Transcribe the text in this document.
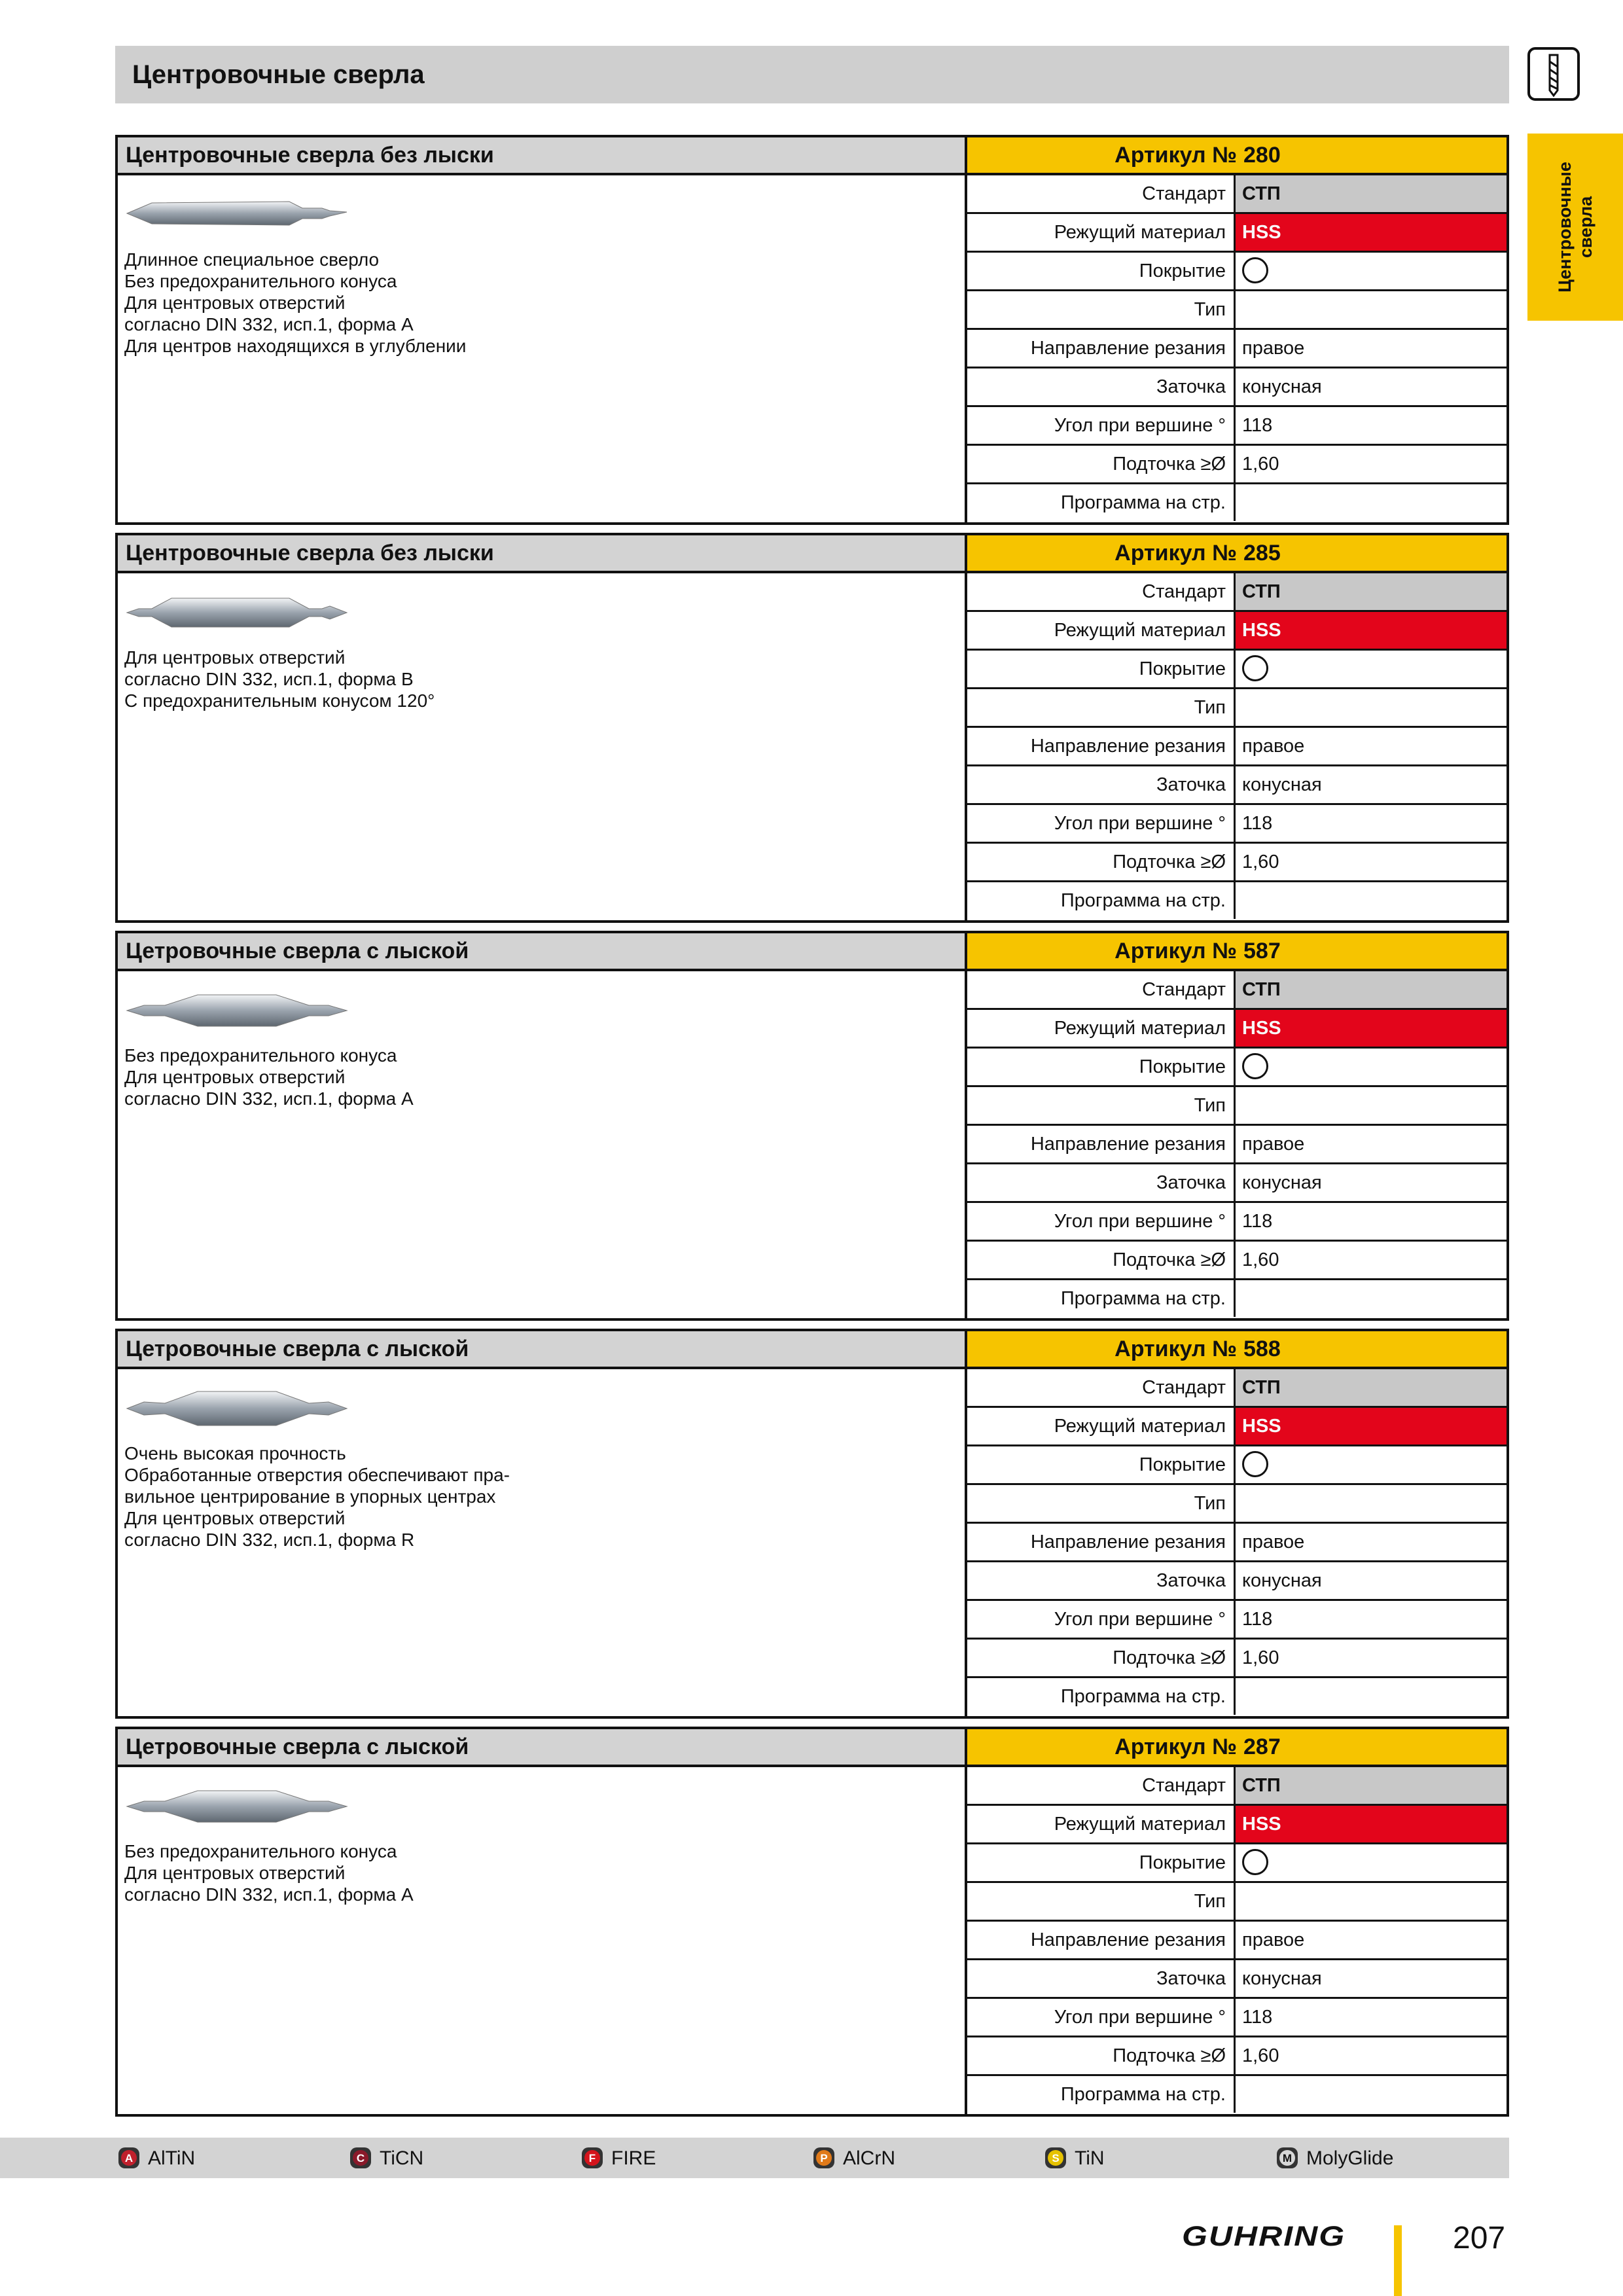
Центровочные сверла
Центровочные
сверла
Центровочные сверла без лыски	Артикул № 280
Длинное специальное сверло
Без предохранительного конуса
Для центровых отверстий
согласно DIN 332, исп.1, форма А
Для центров находящихся в углублении
Стандарт СТП
Режущий материал HSS
Покрытие
Тип
Направление резания правое
Заточка конусная
Угол при вершине ° 118
Подточка ≥Ø 1,60
Программа на стр.
Центровочные сверла без лыски	Артикул № 285
Для центровых отверстий
согласно DIN 332, исп.1, форма В
С предохранительным конусом 120°
Стандарт СТП
Режущий материал HSS
Покрытие
Тип
Направление резания правое
Заточка конусная
Угол при вершине ° 118
Подточка ≥Ø 1,60
Программа на стр.
Цетровочные сверла с лыской	Артикул № 587
Без предохранительного конуса
Для центровых отверстий
согласно DIN 332, исп.1, форма А
Стандарт СТП
Режущий материал HSS
Покрытие
Тип
Направление резания правое
Заточка конусная
Угол при вершине ° 118
Подточка ≥Ø 1,60
Программа на стр.
Цетровочные сверла с лыской	Артикул № 588
Очень высокая прочность
Обработанные отверстия обеспечивают пра-
вильное центрирование в упорных центрах
Для центровых отверстий
согласно DIN 332, исп.1, форма R
Стандарт СТП
Режущий материал HSS
Покрытие
Тип
Направление резания правое
Заточка конусная
Угол при вершине ° 118
Подточка ≥Ø 1,60
Программа на стр.
Цетровочные сверла с лыской	Артикул № 287
Без предохранительного конуса
Для центровых отверстий
согласно DIN 332, исп.1, форма А
Стандарт СТП
Режущий материал HSS
Покрытие
Тип
Направление резания правое
Заточка конусная
Угол при вершине ° 118
Подточка ≥Ø 1,60
Программа на стр.
A AlTiN	C TiCN	F FIRE	P AlCrN	S TiN	M MolyGlide
GUHRING	207
